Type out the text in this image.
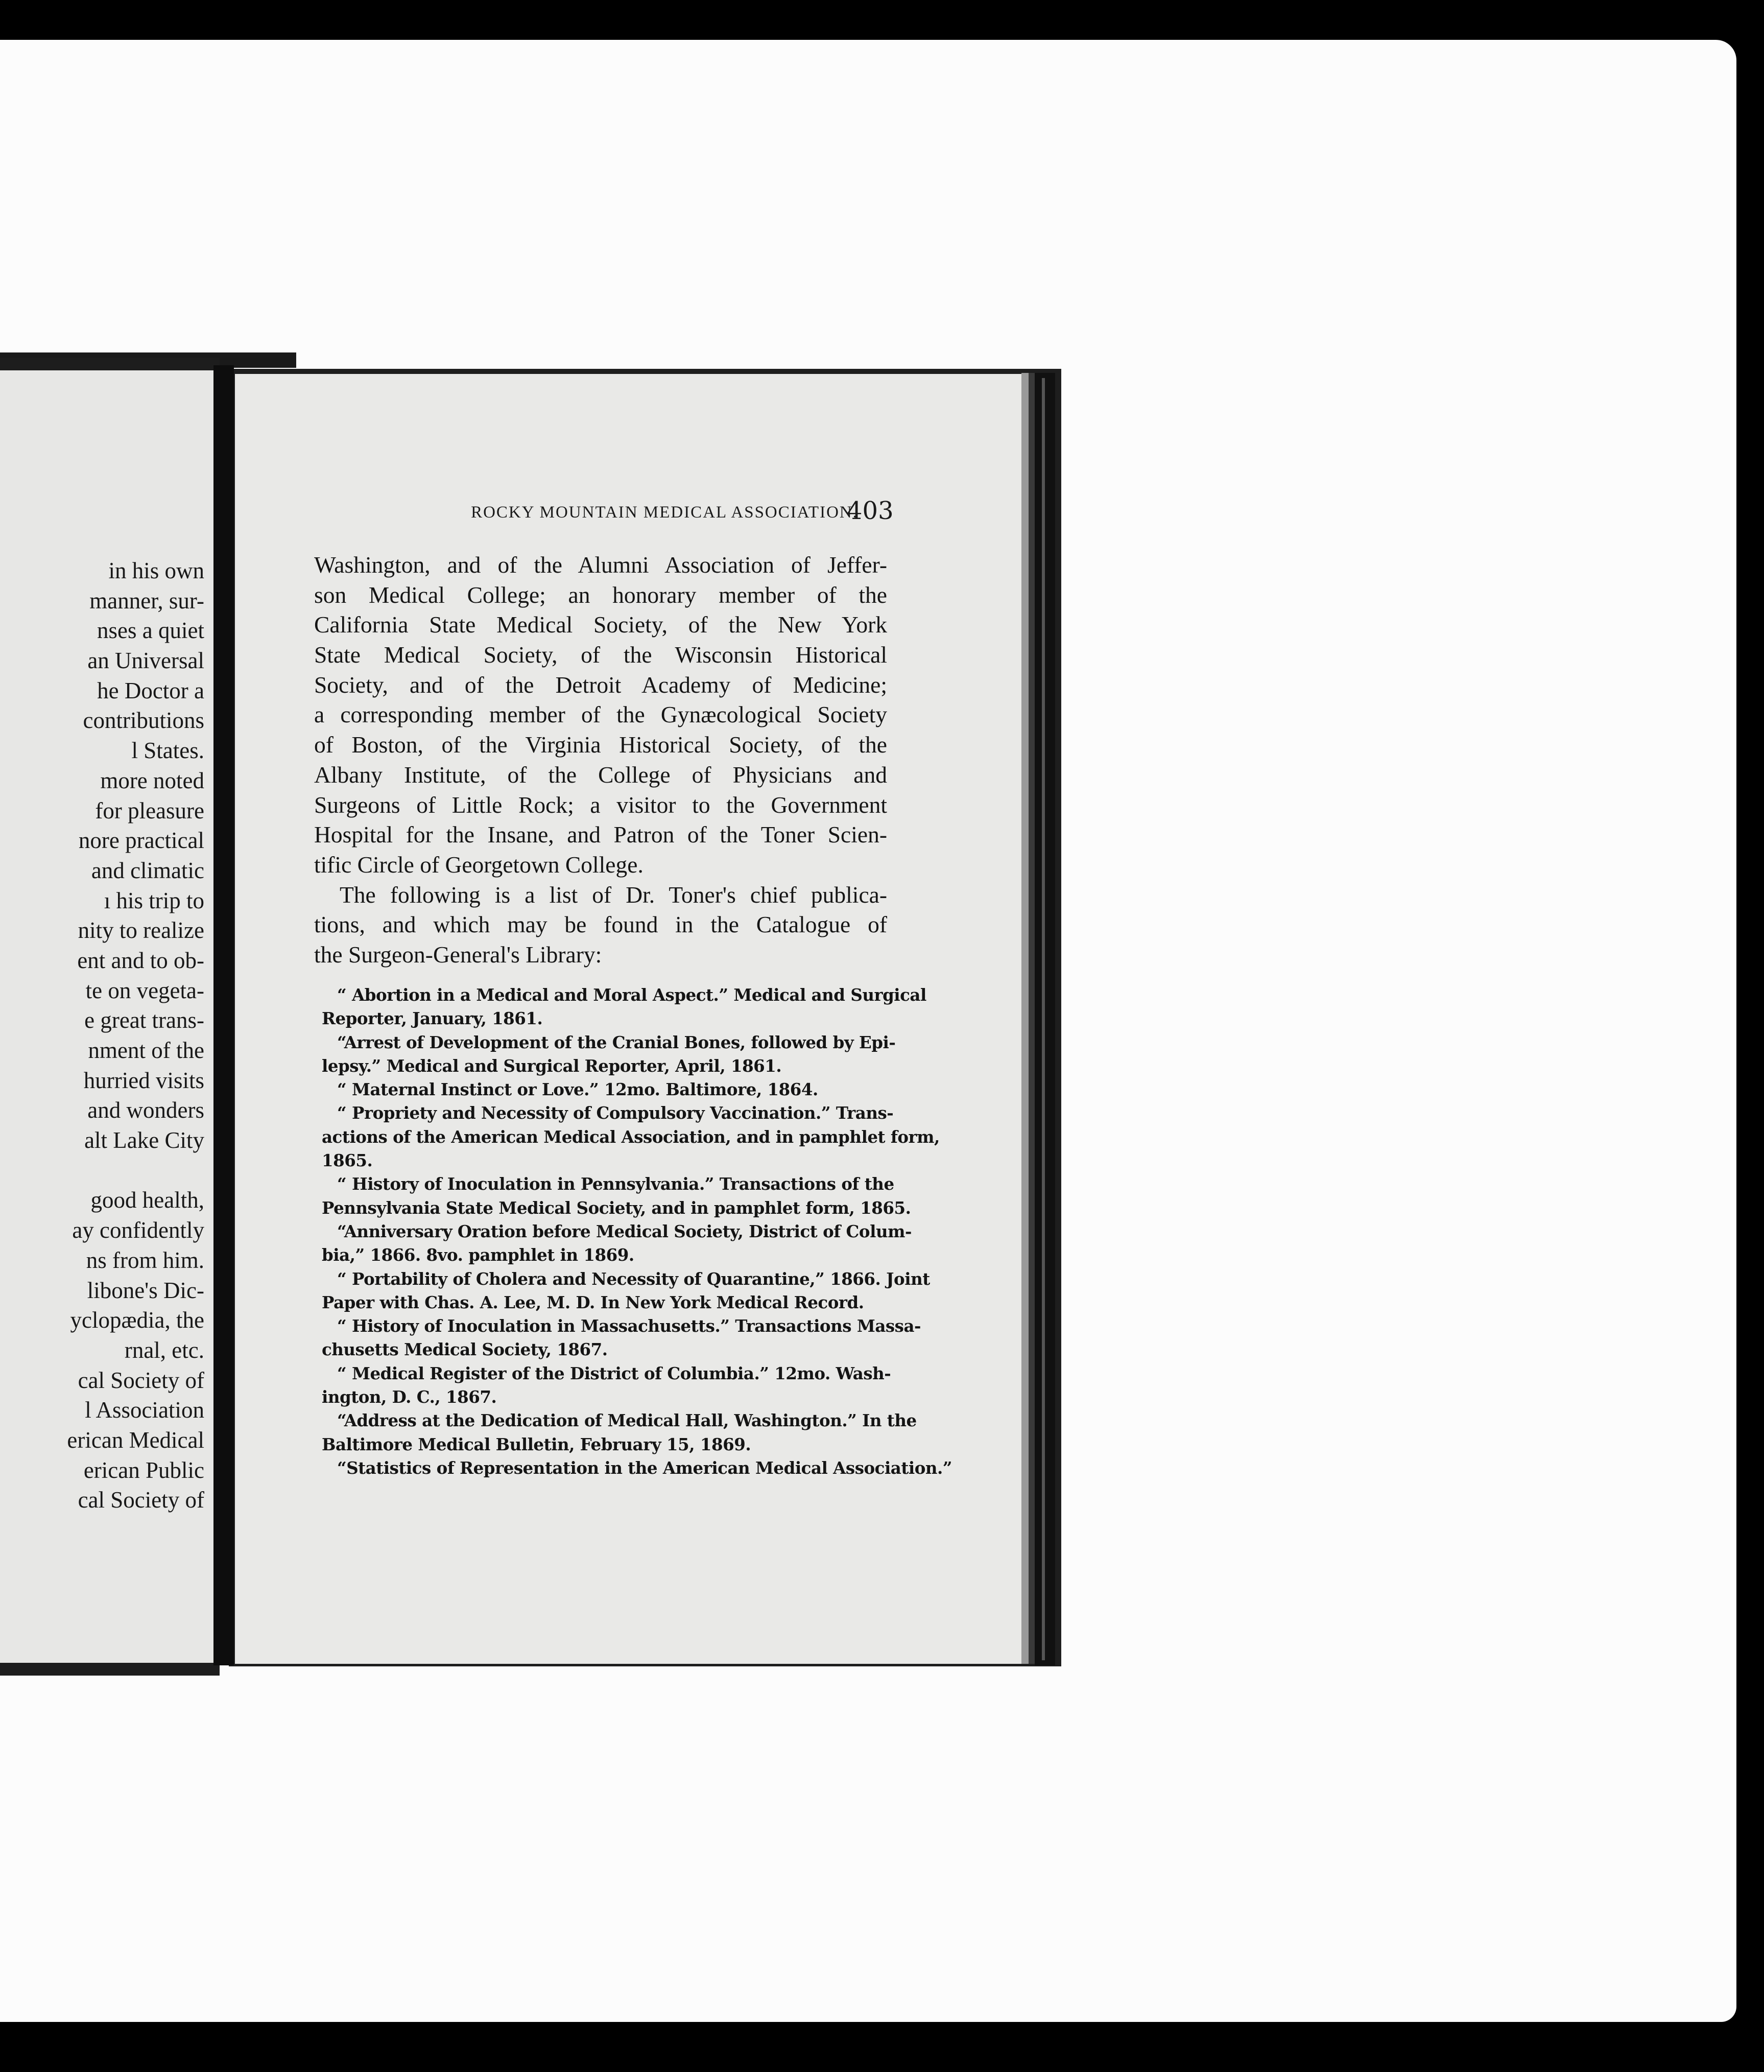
in his own
manner, sur-
nses a quiet
an Universal
he Doctor a
contributions
l States.
more noted
for pleasure
nore practical
and climatic
ı his trip to
nity to realize
ent and to ob-
te on vegeta-
e great trans-
nment of the
hurried visits
and wonders
alt Lake City
good health,
ay confidently
ns from him.
libone's Dic-
yclopædia, the
rnal, etc.
cal Society of
l Association
erican Medical
erican Public
cal Society of
ROCKY MOUNTAIN MEDICAL ASSOCIATION.
403
Washington, and of the Alumni Association of Jeffer-
son Medical College; an honorary member of the
California State Medical Society, of the New York
State Medical Society, of the Wisconsin Historical
Society, and of the Detroit Academy of Medicine;
a corresponding member of the Gynæcological Society
of Boston, of the Virginia Historical Society, of the
Albany Institute, of the College of Physicians and
Surgeons of Little Rock; a visitor to the Government
Hospital for the Insane, and Patron of the Toner Scien-
tific Circle of Georgetown College.
The following is a list of Dr. Toner's chief publica-
tions, and which may be found in the Catalogue of
the Surgeon-General's Library:
“ Abortion in a Medical and Moral Aspect.” Medical and Surgical
Reporter, January, 1861.
“Arrest of Development of the Cranial Bones, followed by Epi-
lepsy.” Medical and Surgical Reporter, April, 1861.
“ Maternal Instinct or Love.” 12mo. Baltimore, 1864.
“ Propriety and Necessity of Compulsory Vaccination.” Trans-
actions of the American Medical Association, and in pamphlet form,
1865.
“ History of Inoculation in Pennsylvania.” Transactions of the
Pennsylvania State Medical Society, and in pamphlet form, 1865.
“Anniversary Oration before Medical Society, District of Colum-
bia,” 1866. 8vo. pamphlet in 1869.
“ Portability of Cholera and Necessity of Quarantine,” 1866. Joint
Paper with Chas. A. Lee, M. D. In New York Medical Record.
“ History of Inoculation in Massachusetts.” Transactions Massa-
chusetts Medical Society, 1867.
“ Medical Register of the District of Columbia.” 12mo. Wash-
ington, D. C., 1867.
“Address at the Dedication of Medical Hall, Washington.” In the
Baltimore Medical Bulletin, February 15, 1869.
“Statistics of Representation in the American Medical Association.”
